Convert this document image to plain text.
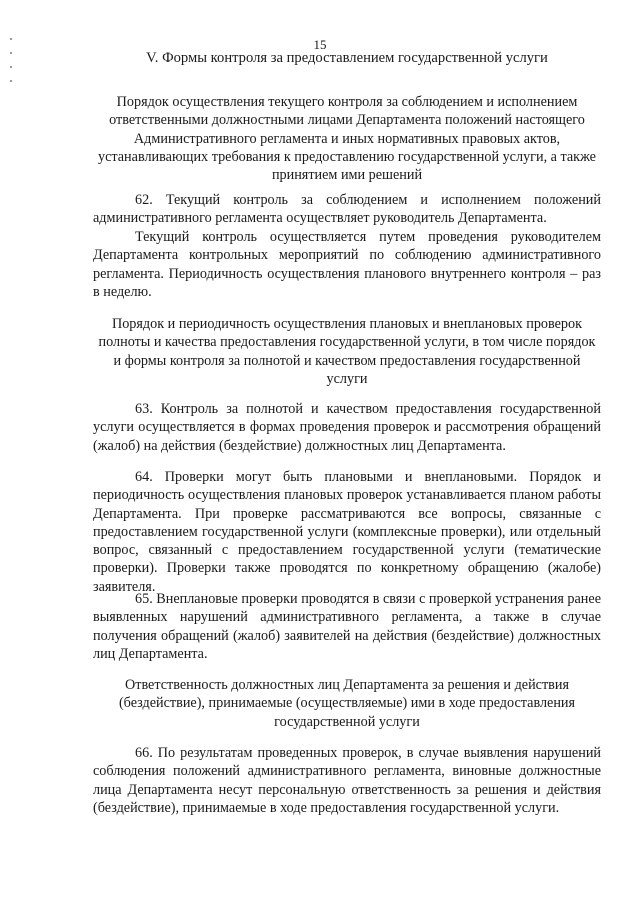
15
V. Формы контроля за предоставлением государственной услуги
Порядок осуществления текущего контроля за соблюдением и исполнением ответственными должностными лицами Департамента положений настоящего Административного регламента и иных нормативных правовых актов, устанавливающих требования к предоставлению государственной услуги, а также принятием ими решений
62. Текущий контроль за соблюдением и исполнением положений административного регламента осуществляет руководитель Департамента.
Текущий контроль осуществляется путем проведения руководителем Департамента контрольных мероприятий по соблюдению административного регламента. Периодичность осуществления планового внутреннего контроля – раз в неделю.
Порядок и периодичность осуществления плановых и внеплановых проверок полноты и качества предоставления государственной услуги, в том числе порядок и формы контроля за полнотой и качеством предоставления государственной услуги
63. Контроль за полнотой и качеством предоставления государственной услуги осуществляется в формах проведения проверок и рассмотрения обращений (жалоб) на действия (бездействие) должностных лиц Департамента.
64. Проверки могут быть плановыми и внеплановыми. Порядок и периодичность осуществления плановых проверок устанавливается планом работы Департамента. При проверке рассматриваются все вопросы, связанные с предоставлением государственной услуги (комплексные проверки), или отдельный вопрос, связанный с предоставлением государственной услуги (тематические проверки). Проверки также проводятся по конкретному обращению (жалобе) заявителя.
65. Внеплановые проверки проводятся в связи с проверкой устранения ранее выявленных нарушений административного регламента, а также в случае получения обращений (жалоб) заявителей на действия (бездействие) должностных лиц Департамента.
Ответственность должностных лиц Департамента за решения и действия (бездействие), принимаемые (осуществляемые) ими в ходе предоставления государственной услуги
66. По результатам проведенных проверок, в случае выявления нарушений соблюдения положений административного регламента, виновные должностные лица Департамента несут персональную ответственность за решения и действия (бездействие), принимаемые в ходе предоставления государственной услуги.
